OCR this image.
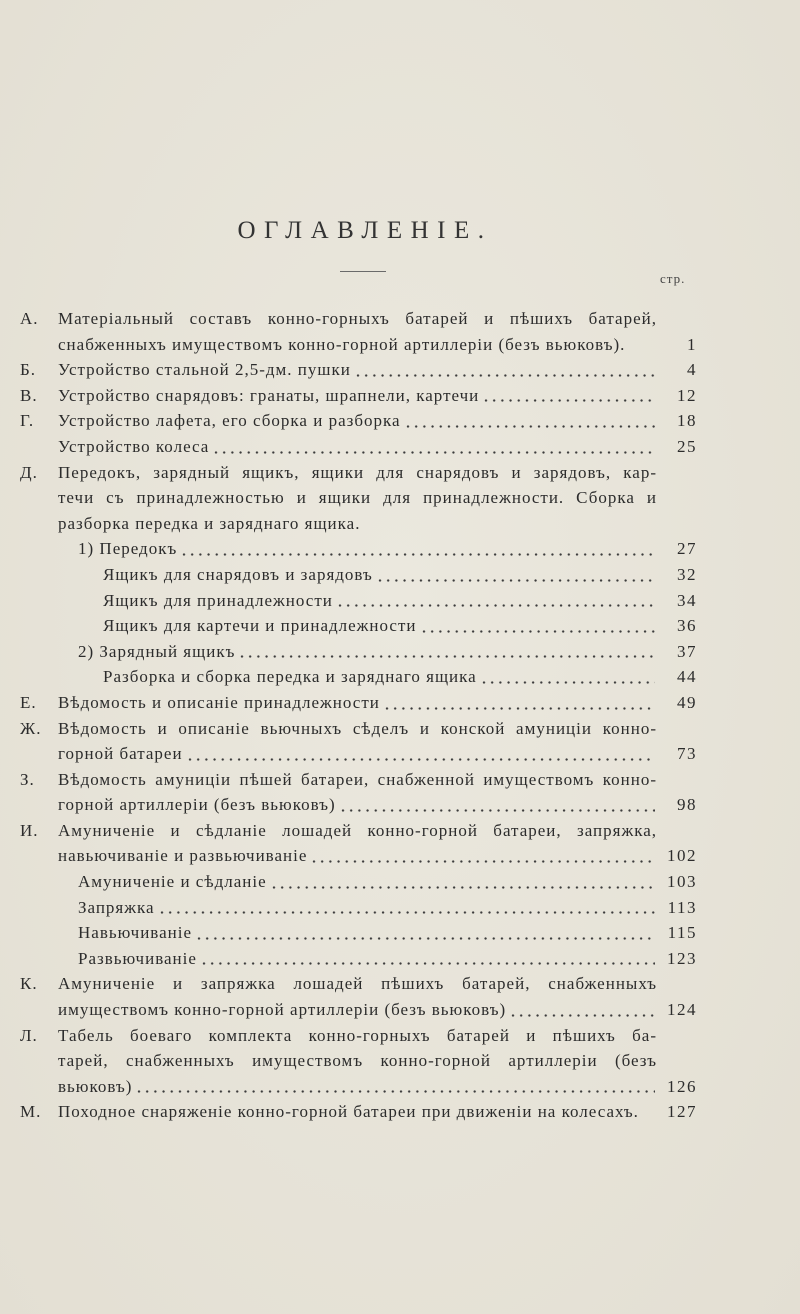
ОГЛАВЛЕНІЕ.
стр.
А.	Матеріальный составъ конно-горныхъ батарей и пѣшихъ батарей,
снабженныхъ имуществомъ конно-горной артиллеріи (безъ вьюковъ).	1
Б.	Устройство стальной 2,5-дм. пушки	4
В.	Устройство снарядовъ: гранаты, шрапнели, картечи	12
Г.	Устройство лафета, его сборка и разборка	18
Устройство колеса	25
Д.	Передокъ, зарядный ящикъ, ящики для снарядовъ и зарядовъ, кар-
течи съ принадлежностью и ящики для принадлежности. Сборка и
разборка передка и заряднаго ящика.
1) Передокъ	27
Ящикъ для снарядовъ и зарядовъ	32
Ящикъ для принадлежности	34
Ящикъ для картечи и принадлежности	36
2) Зарядный ящикъ	37
Разборка и сборка передка и заряднаго ящика	44
Е.	Вѣдомость и описаніе принадлежности	49
Ж. Вѣдомость и описаніе вьючныхъ сѣделъ и конской амуниціи конно-
горной батареи	73
З.	Вѣдомость амуниціи пѣшей батареи, снабженной имуществомъ конно-
горной артиллеріи (безъ вьюковъ)	98
И.	Амуниченіе и сѣдланіе лошадей конно-горной батареи, запряжка,
навьючиваніе и развьючиваніе	102
Амуниченіе и сѣдланіе	103
Запряжка	113
Навьючиваніе	115
Развьючиваніе	123
К.	Амуниченіе и запряжка лошадей пѣшихъ батарей, снабженныхъ
имуществомъ конно-горной артиллеріи (безъ вьюковъ)	124
Л.	Табель боеваго комплекта конно-горныхъ батарей и пѣшихъ ба-
тарей, снабженныхъ имуществомъ конно-горной артиллеріи (безъ
вьюковъ)	126
М. Походное снаряженіе конно-горной батареи при движеніи на колесахъ.	127
